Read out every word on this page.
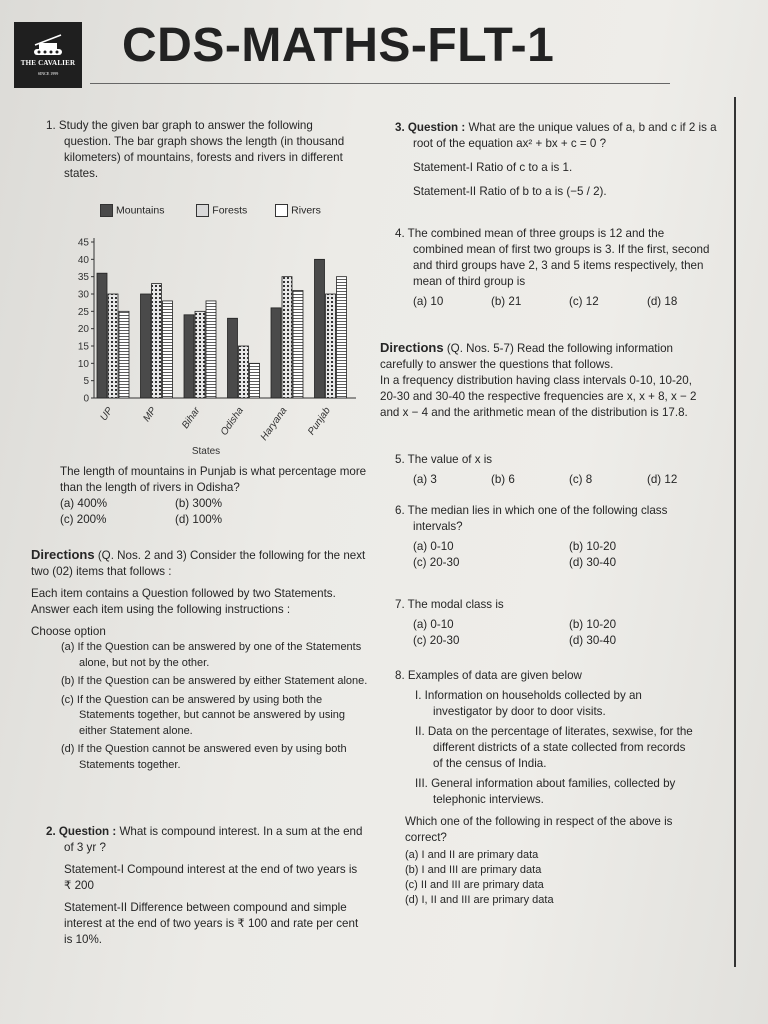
THE CAVALIER
SINCE 1999
CDS-MATHS-FLT-1

1. Study the given bar graph to answer the following

question. The bar graph shows the length (in thousand

kilometers) of mountains, forests and rivers in different

states.

Mountains	Forests	Rivers
0
5
10
15
20
25
30
35
40
45
UP	MP Bihar Odisha Haryana Punjab
States

The length of mountains in Punjab is what percentage more

than the length of rivers in Odisha?

(a) 400%	(b) 300%
(c) 200%	(d) 100%

Directions (Q. Nos. 2 and 3) Consider the following for the next

two (02) items that follows :

Each item contains a Question followed by two Statements.

Answer each item using the following instructions :

Choose option

(a) If the Question can be answered by one of the Statements

alone, but not by the other.

(b) If the Question can be answered by either Statement alone.

(c) If the Question can be answered by using both the

Statements together, but cannot be answered by using

either Statement alone.

(d) If the Question cannot be answered even by using both

Statements together.

2. Question : What is compound interest. In a sum at the end

of 3 yr ?

Statement-I Compound interest at the end of two years is

₹ 200

Statement-II Difference between compound and simple

interest at the end of two years is ₹ 100 and rate per cent

is 10%.

3. Question : What are the unique values of a, b and c if 2 is a

root of the equation ax² + bx + c = 0 ?

Statement-I Ratio of c to a is 1.

Statement-II Ratio of b to a is (−5 / 2).

4. The combined mean of three groups is 12 and the

combined mean of first two groups is 3. If the first, second

and third groups have 2, 3 and 5 items respectively, then

mean of third group is

(a) 10	(b) 21	(c) 12	(d) 18

Directions (Q. Nos. 5-7) Read the following information

carefully to answer the questions that follows.

In a frequency distribution having class intervals 0-10, 10-20,

20-30 and 30-40 the respective frequencies are x, x + 8, x − 2

and x − 4 and the arithmetic mean of the distribution is 17.8.

5. The value of x is

(a) 3	(b) 6	(c) 8	(d) 12

6. The median lies in which one of the following class

intervals?

(a) 0-10	(b) 10-20
(c) 20-30	(d) 30-40

7. The modal class is

(a) 0-10	(b) 10-20
(c) 20-30	(d) 30-40

8. Examples of data are given below

I. Information on households collected by an

investigator by door to door visits.

II. Data on the percentage of literates, sexwise, for the

different districts of a state collected from records

of the census of India.

III. General information about families, collected by

telephonic interviews.

Which one of the following in respect of the above is

correct?

(a) I and II are primary data

(b) I and III are primary data

(c) II and III are primary data

(d) I, II and III are primary data
